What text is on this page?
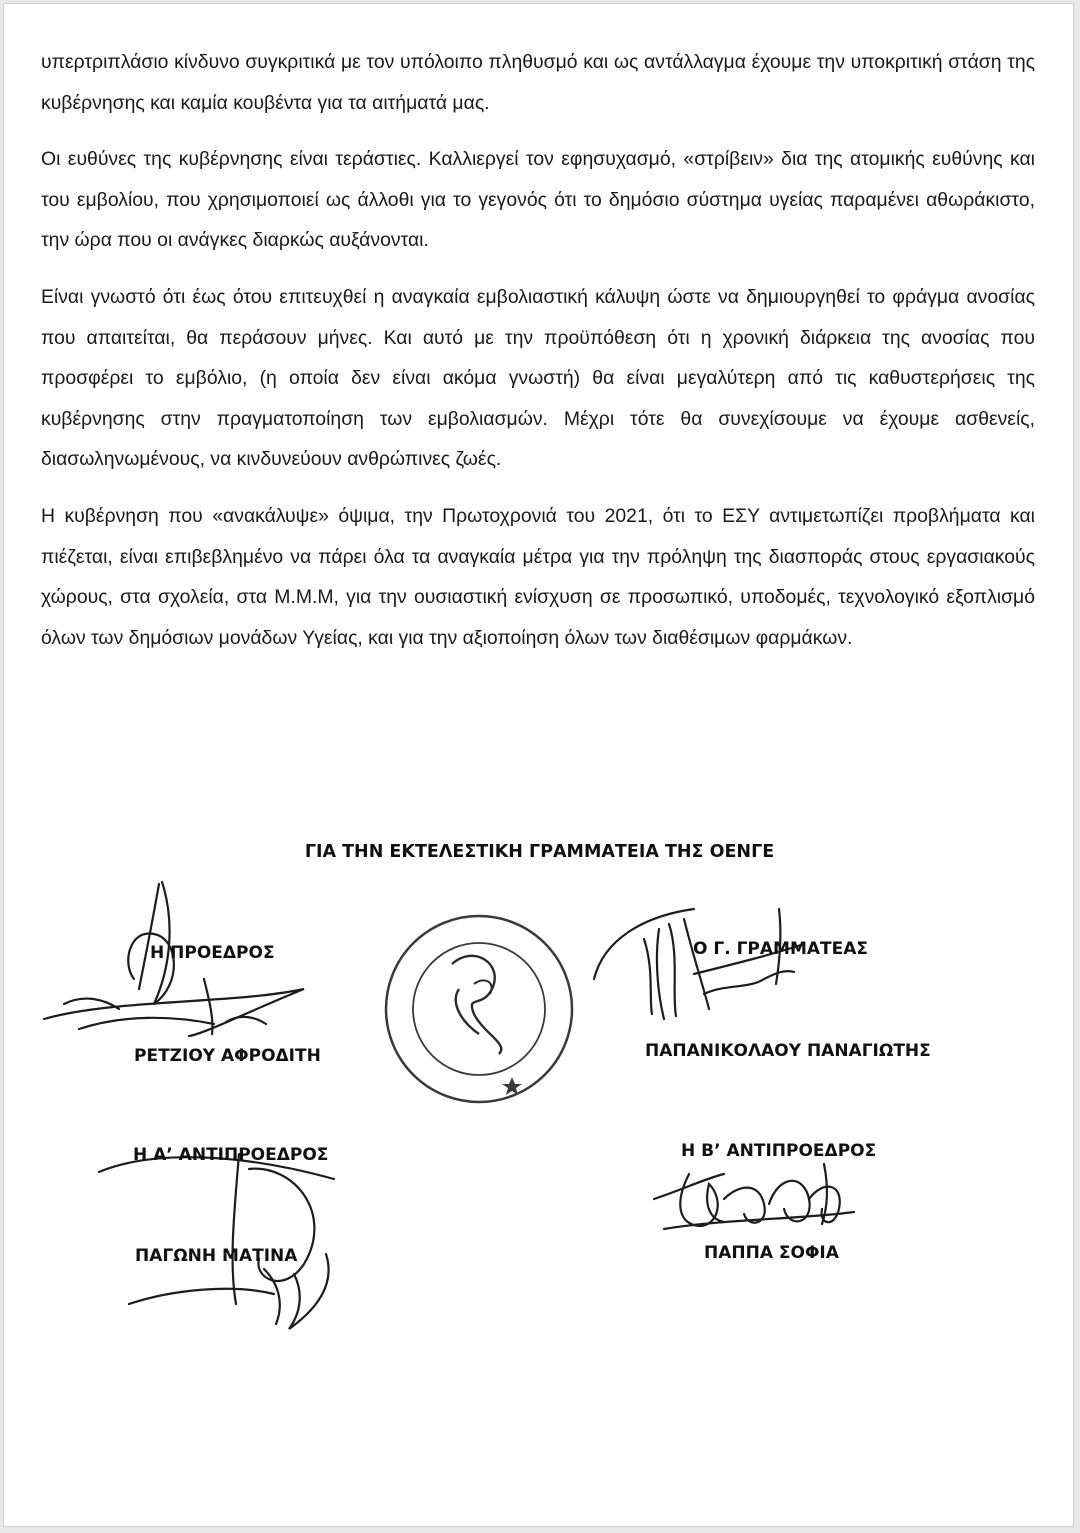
υπερτριπλάσιο κίνδυνο συγκριτικά με τον υπόλοιπο πληθυσμό και ως αντάλλαγμα έχουμε την υποκριτική στάση της κυβέρνησης και καμία κουβέντα για τα αιτήματά μας.

Οι ευθύνες της κυβέρνησης είναι τεράστιες. Καλλιεργεί τον εφησυχασμό, «στρίβειν» δια της ατομικής ευθύνης και του εμβολίου, που χρησιμοποιεί ως άλλοθι για το γεγονός ότι το δημόσιο σύστημα υγείας παραμένει αθωράκιστο, την ώρα που οι ανάγκες διαρκώς αυξάνονται.

Είναι γνωστό ότι έως ότου επιτευχθεί η αναγκαία εμβολιαστική κάλυψη ώστε να δημιουργηθεί το φράγμα ανοσίας που απαιτείται, θα περάσουν μήνες. Και αυτό με την προϋπόθεση ότι η χρονική διάρκεια της ανοσίας που προσφέρει το εμβόλιο, (η οποία δεν είναι ακόμα γνωστή) θα είναι μεγαλύτερη από τις καθυστερήσεις της κυβέρνησης στην πραγματοποίηση των εμβολιασμών. Μέχρι τότε θα συνεχίσουμε να έχουμε ασθενείς, διασωληνωμένους, να κινδυνεύουν ανθρώπινες ζωές.

Η κυβέρνηση που «ανακάλυψε» όψιμα, την Πρωτοχρονιά του 2021, ότι το ΕΣΥ αντιμετωπίζει προβλήματα και πιέζεται, είναι επιβεβλημένο να πάρει όλα τα αναγκαία μέτρα για την πρόληψη της διασποράς στους εργασιακούς χώρους, στα σχολεία, στα Μ.Μ.Μ, για την ουσιαστική ενίσχυση σε προσωπικό, υποδομές, τεχνολογικό εξοπλισμό όλων των δημόσιων μονάδων Υγείας, και για την αξιοποίηση όλων των διαθέσιμων φαρμάκων.

ΓΙΑ ΤΗΝ ΕΚΤΕΛΕΣΤΙΚΗ ΓΡΑΜΜΑΤΕΙΑ ΤΗΣ ΟΕΝΓΕ
Η ΠΡΟΕΔΡΟΣ
ΡΕΤΖΙΟΥ ΑΦΡΟΔΙΤΗ
Ο Γ. ΓΡΑΜΜΑΤΕΑΣ
ΠΑΠΑΝΙΚΟΛΑΟΥ ΠΑΝΑΓΙΩΤΗΣ
Η Α’ ΑΝΤΙΠΡΟΕΔΡΟΣ
ΠΑΓΩΝΗ ΜΑΤΙΝΑ
Η Β’ ΑΝΤΙΠΡΟΕΔΡΟΣ
ΠΑΠΠΑ ΣΟΦΙΑ
